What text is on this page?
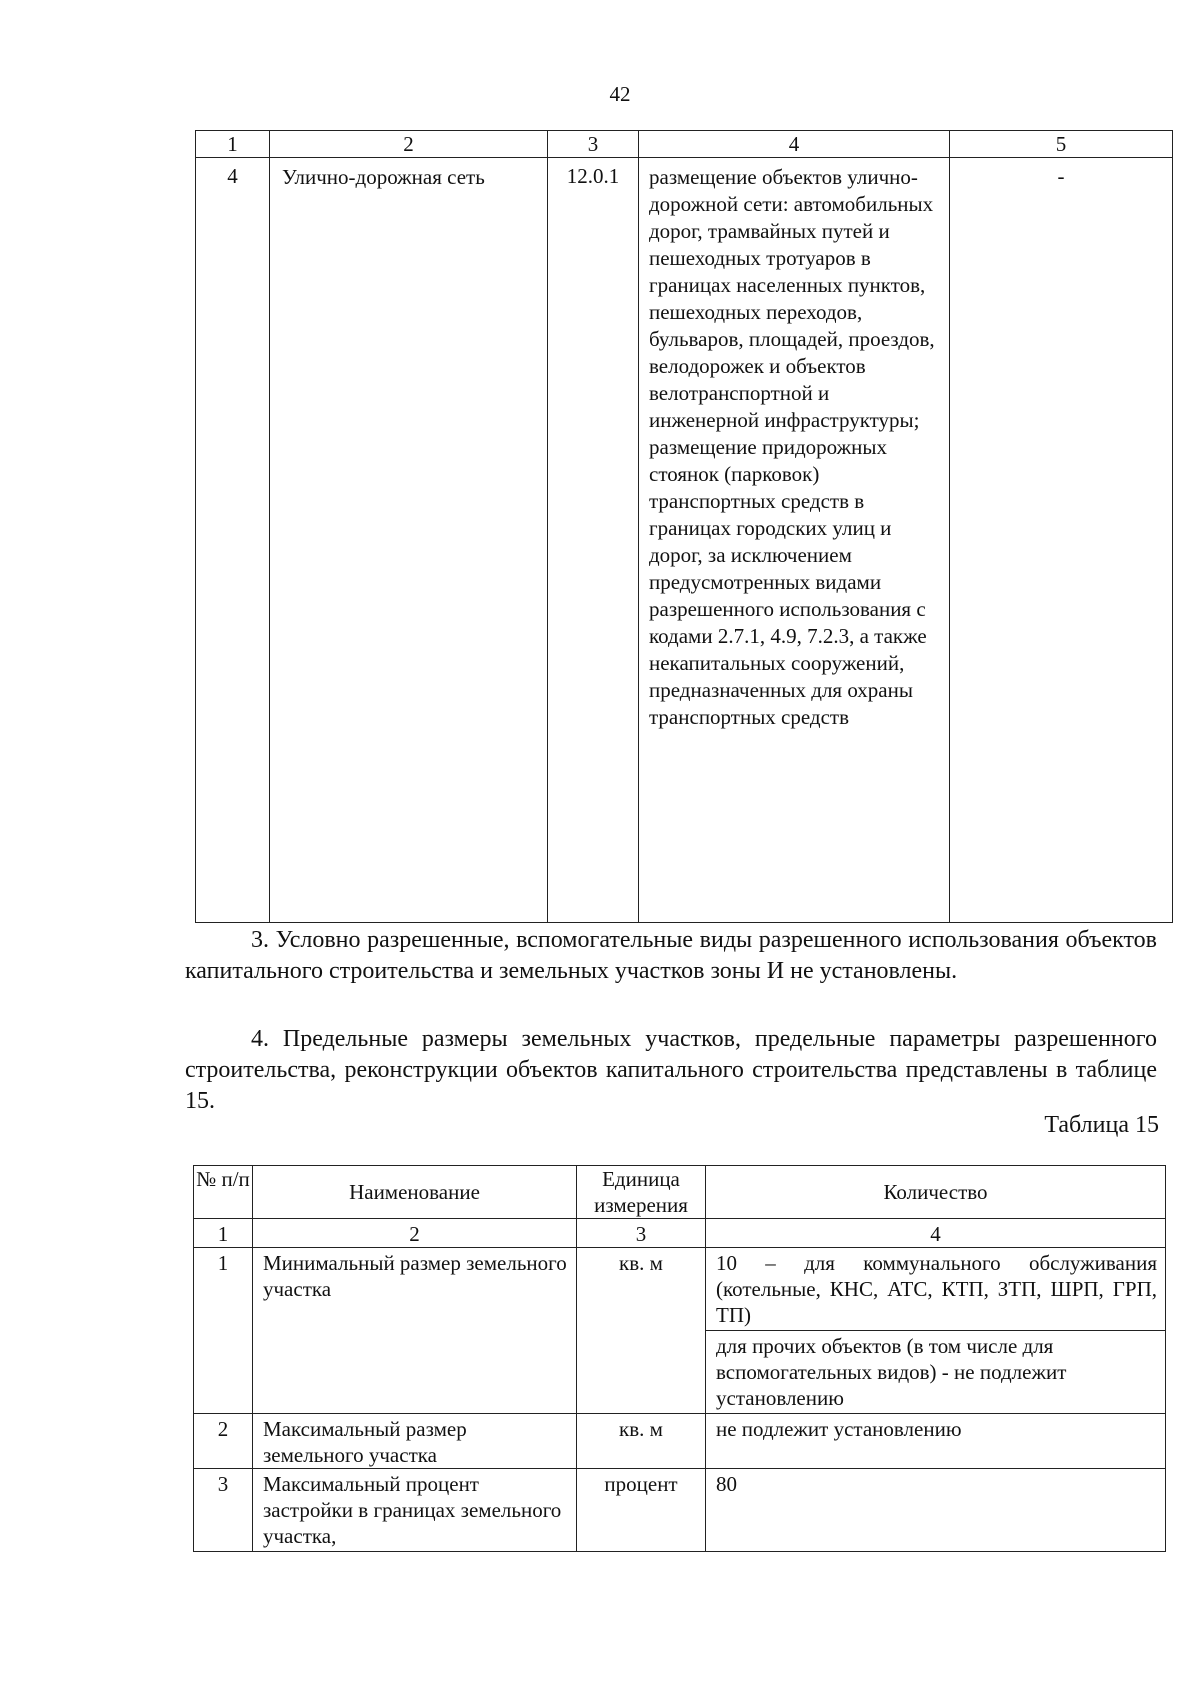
42
1	2	3	4	5
4	Улично-дорожная сеть	12.0.1	размещение объектов улично-дорожной сети: автомобильных дорог, трамвайных путей и пешеходных тротуаров в границах населенных пунктов, пешеходных переходов, бульваров, площадей, проездов, велодорожек и объектов велотранспортной и инженерной инфраструктуры; размещение придорожных стоянок (парковок) транспортных средств в границах городских улиц и дорог, за исключением предусмотренных видами разрешенного использования с кодами 2.7.1, 4.9, 7.2.3, а также некапитальных сооружений, предназначенных для охраны транспортных средств	-

3. Условно разрешенные, вспомогательные виды разрешенного использования объектов капитального строительства и земельных участков зоны И не установлены.

4. Предельные размеры земельных участков, предельные параметры разрешенного строительства, реконструкции объектов капитального строительства представлены в таблице 15.

Таблица 15
№ п/п	Наименование	Единица измерения	Количество
1	2	3	4
1	Минимальный размер земельного участка	кв. м	10 – для коммунального обслуживания (котельные, КНС, АТС, КТП, ЗТП, ШРП, ГРП, ТП)
			для прочих объектов (в том числе для вспомогательных видов) - не подлежит установлению
2	Максимальный размер земельного участка	кв. м	не подлежит установлению
3	Максимальный процент застройки в границах земельного участка,	процент	80
